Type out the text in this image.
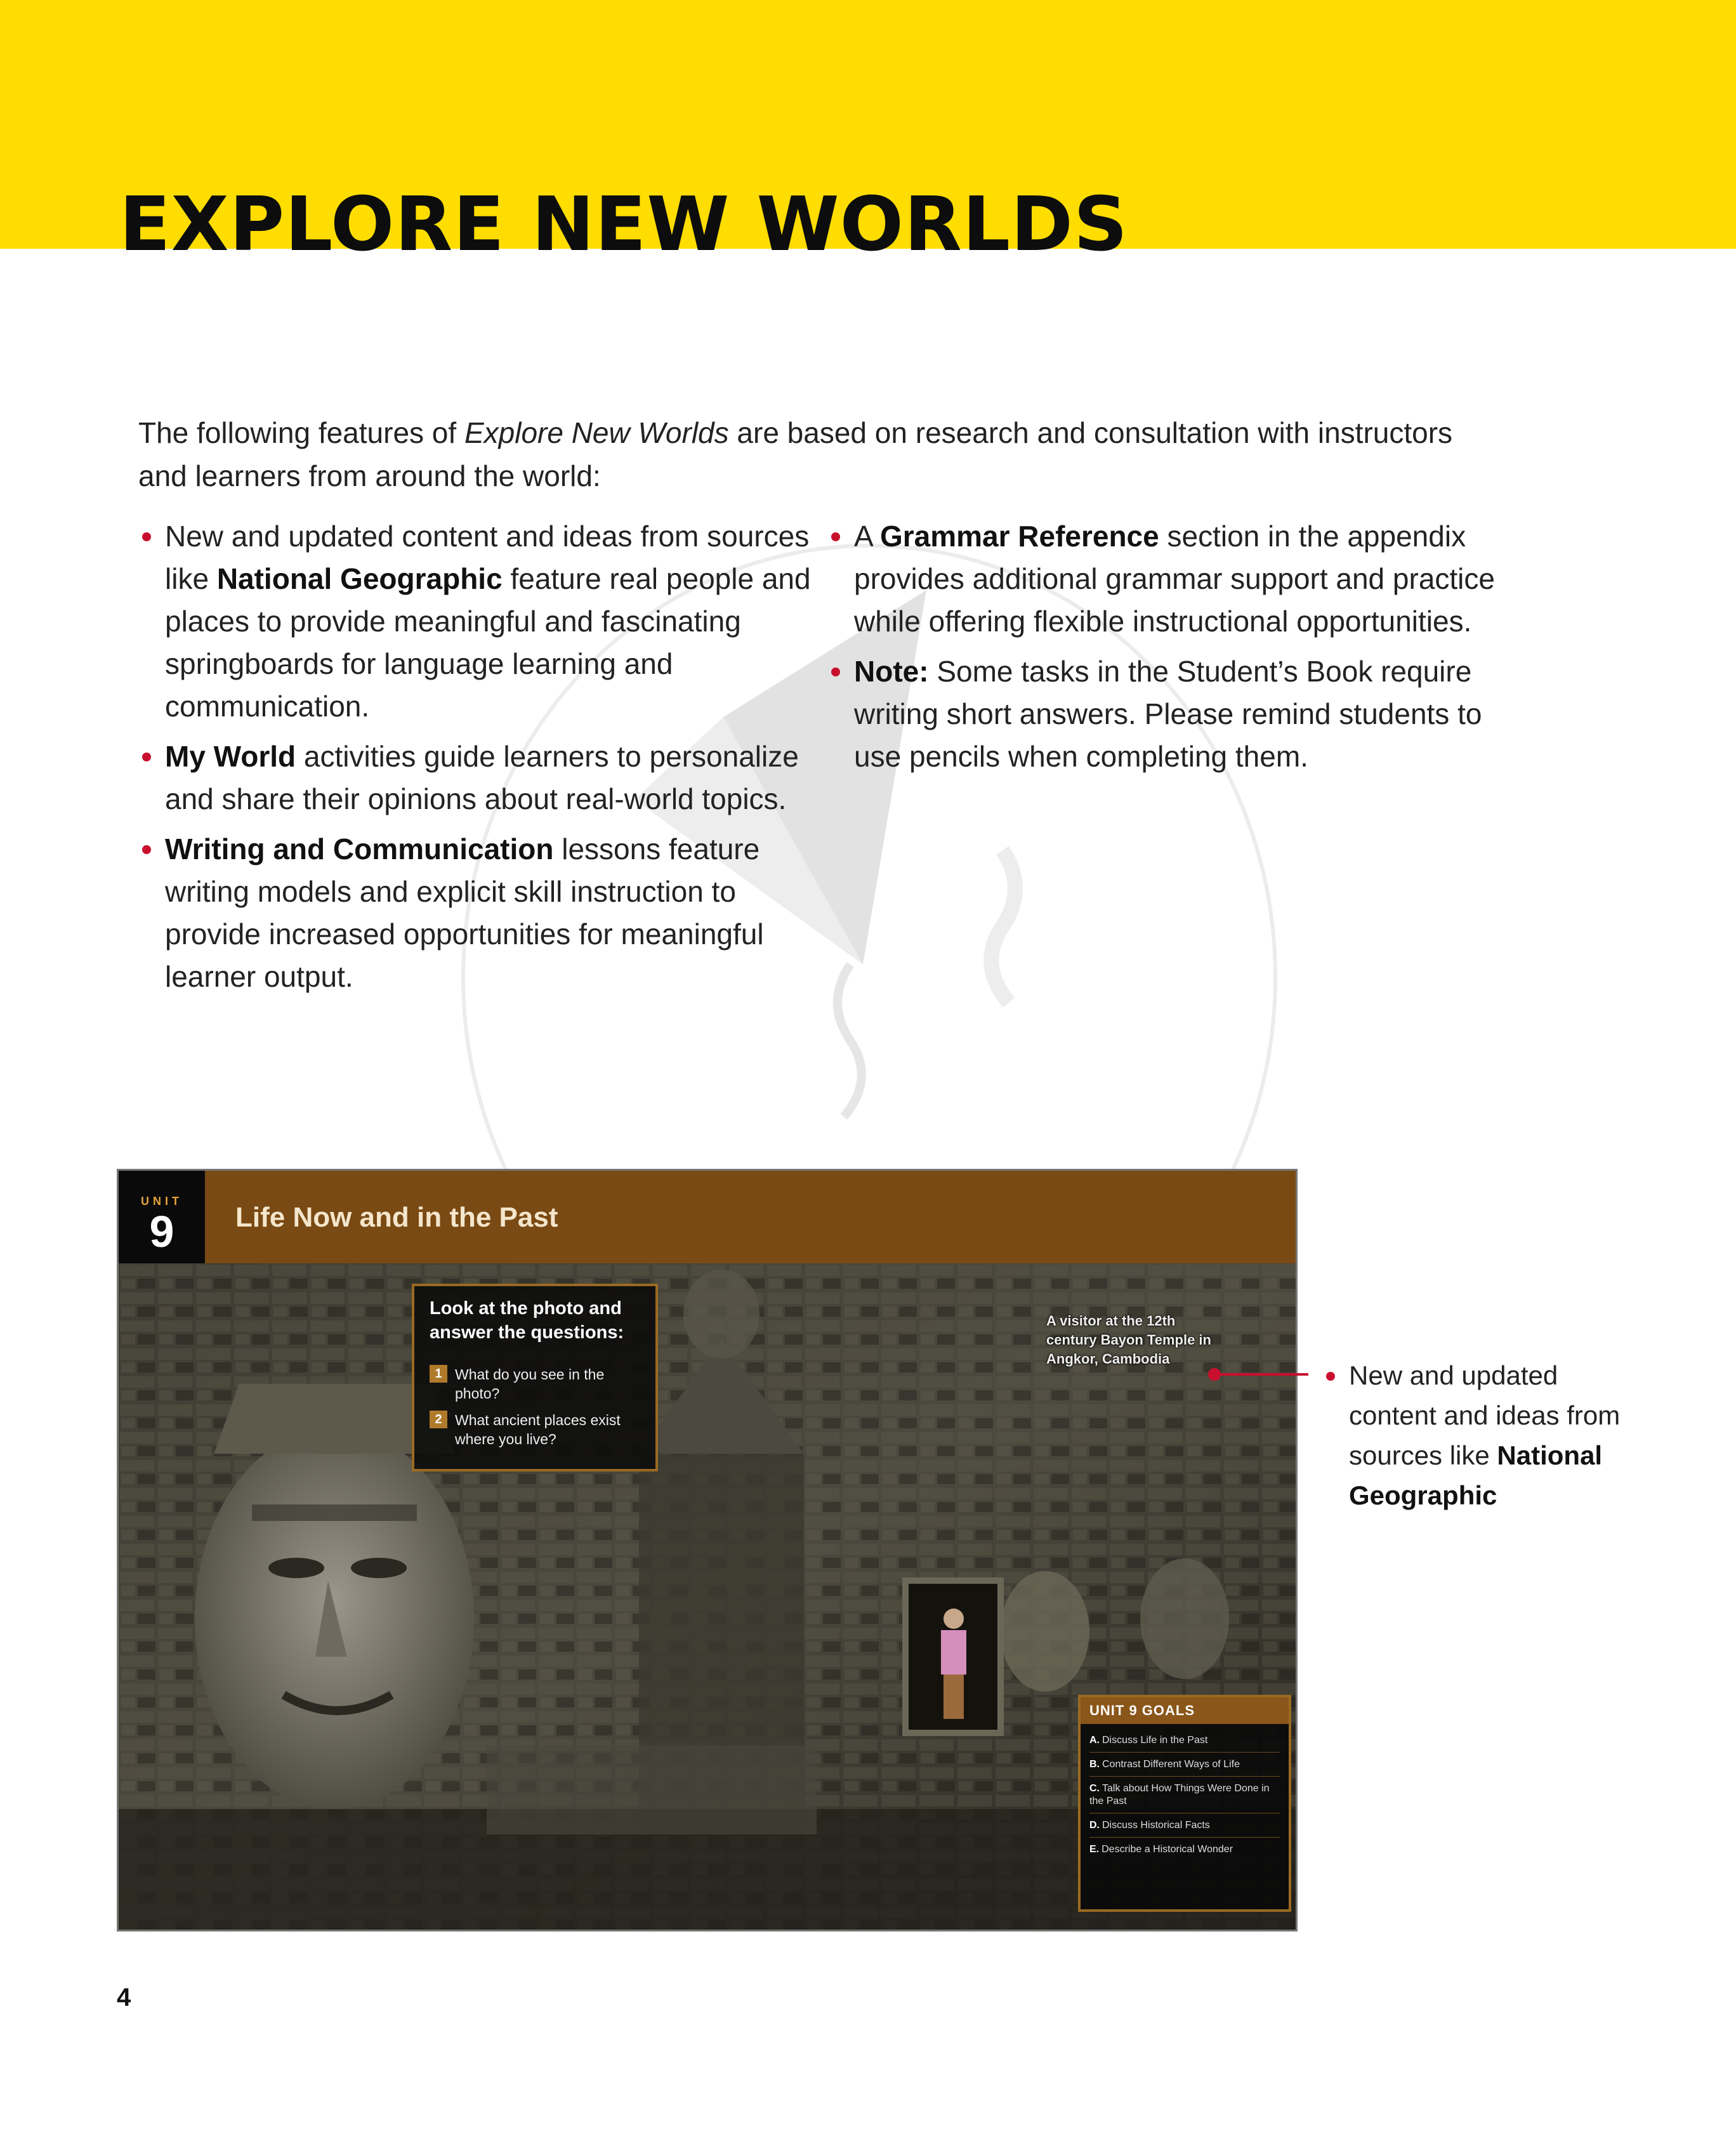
EXPLORE NEW WORLDS

The following features of Explore New Worlds are based on research and consultation with instructors and learners from around the world:

New and updated content and ideas from sources like National Geographic feature real people and places to provide meaningful and fascinating springboards for language learning and communication.
My World activities guide learners to personalize and share their opinions about real-world topics.
Writing and Communication lessons feature writing models and explicit skill instruction to provide increased opportunities for meaningful learner output.
A Grammar Reference section in the appendix provides additional grammar support and practice while offering flexible instructional opportunities.
Note: Some tasks in the Student’s Book require writing short answers. Please remind students to use pencils when completing them.
UNIT
9	Life Now and in the Past
Look at the photo and answer the questions:
1 What do you see in the photo?
2 What ancient places exist where you live?
A visitor at the 12th century Bayon Temple in Angkor, Cambodia
UNIT 9 GOALS
A. Discuss Life in the Past
B. Contrast Different Ways of Life
C. Talk about How Things Were Done in the Past
D. Discuss Historical Facts
E. Describe a Historical Wonder
New and updated content and ideas from sources like National Geographic
4
